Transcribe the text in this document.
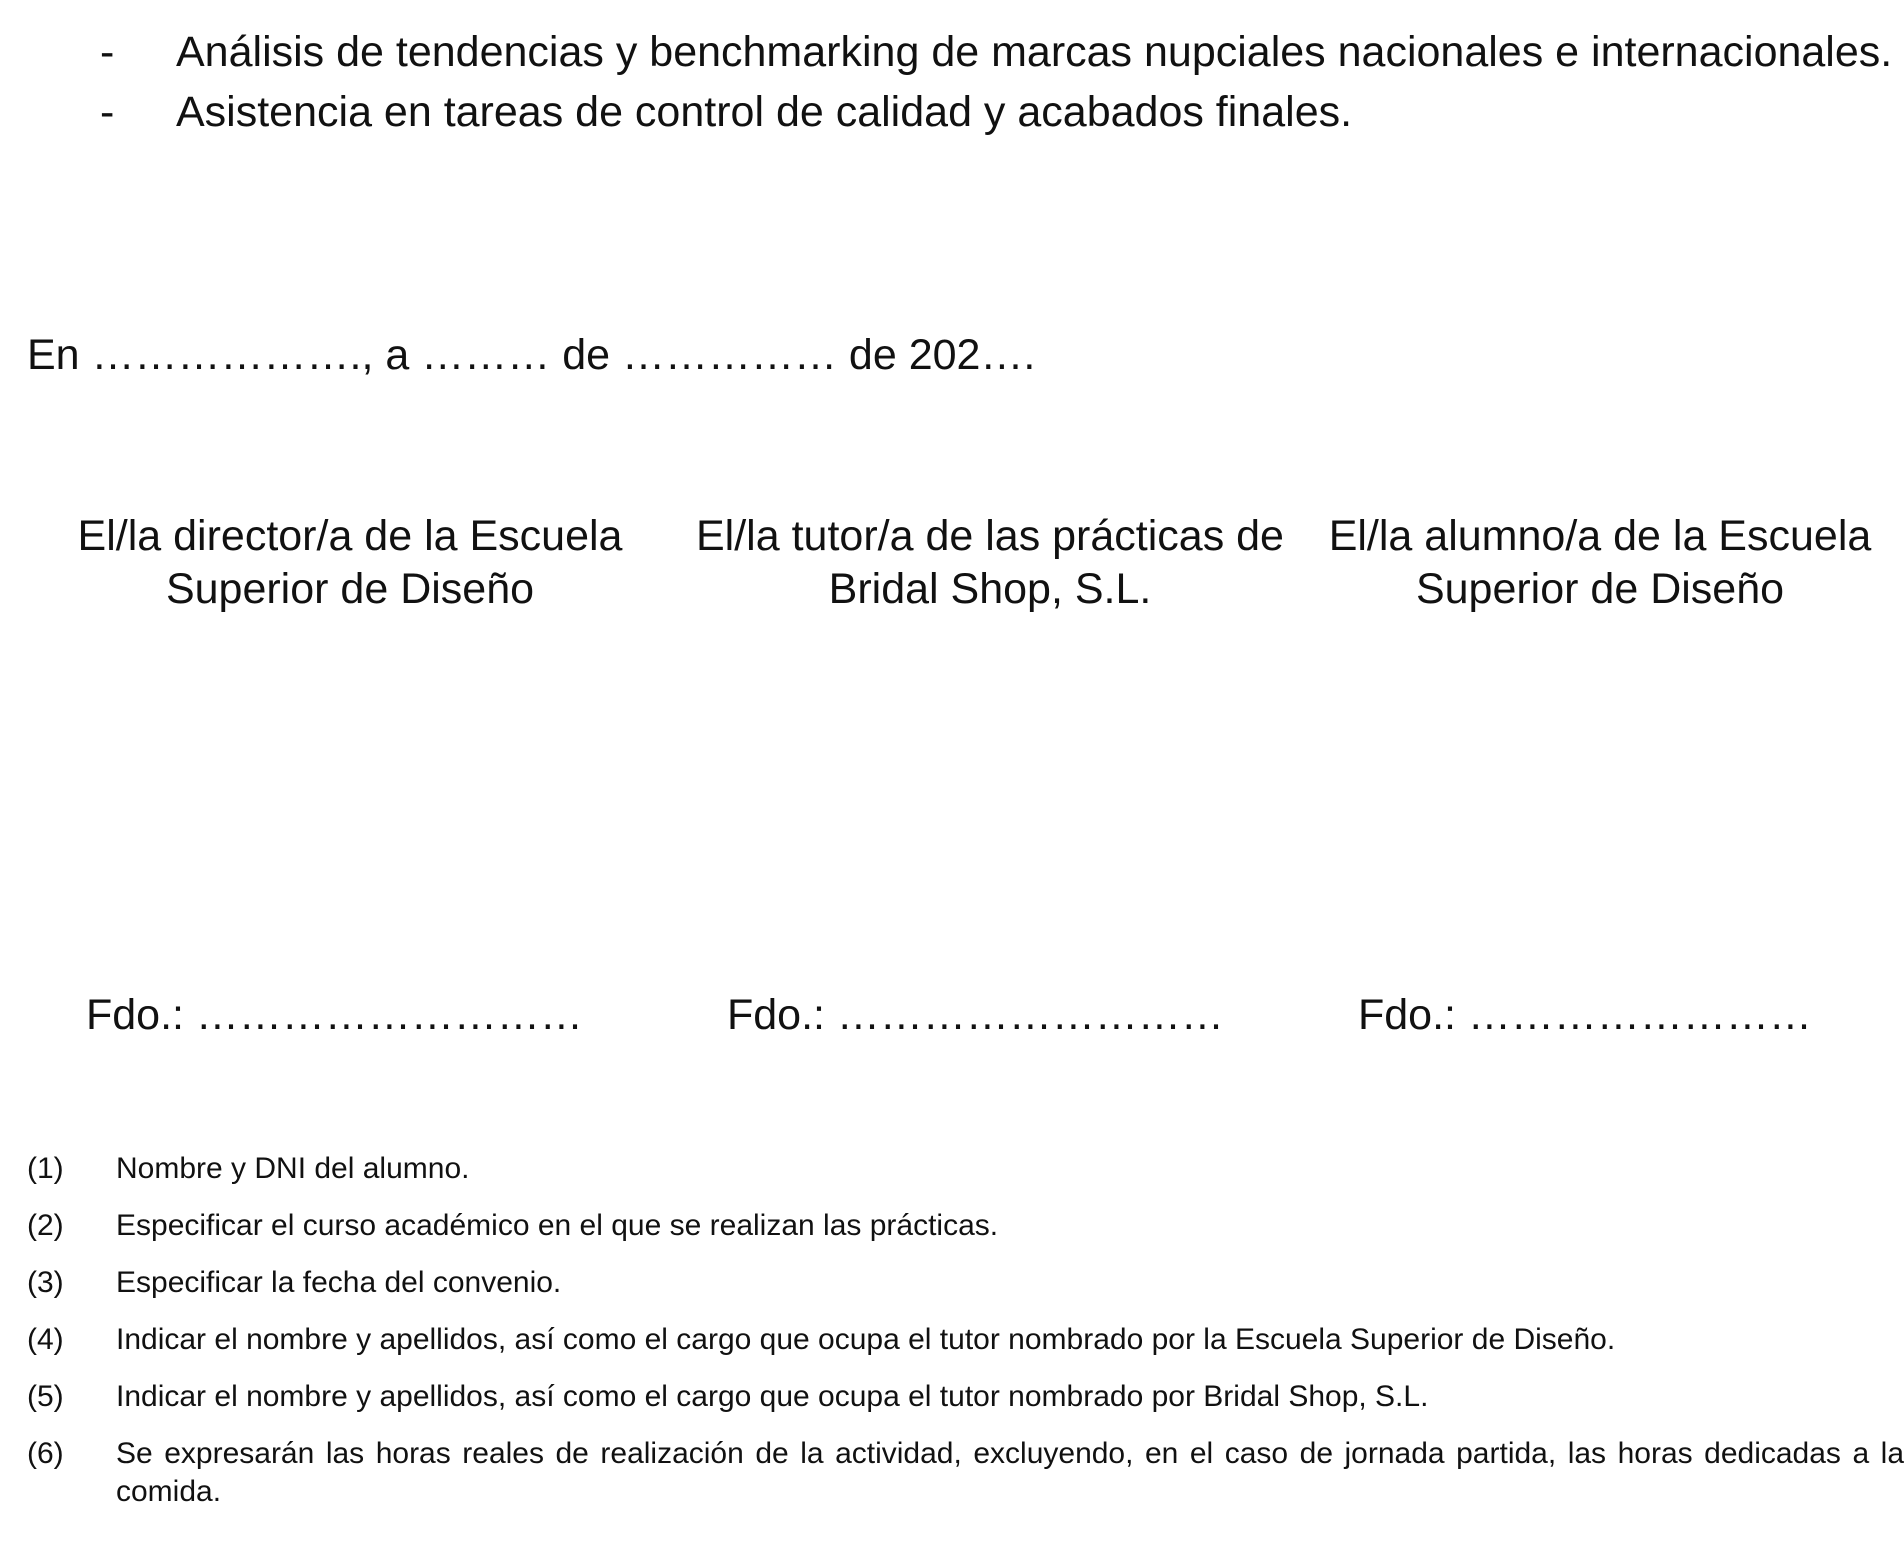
- Análisis de tendencias y benchmarking de marcas nupciales nacionales e internacionales.
- Asistencia en tareas de control de calidad y acabados finales.
En ………………., a ……… de …………… de 202….
El/la director/a de la Escuela Superior de Diseño
El/la tutor/a de las prácticas de Bridal Shop, S.L.
El/la alumno/a de la Escuela Superior de Diseño
Fdo.: ………………………	Fdo.: ………………………	Fdo.: ……………………
(1) Nombre y DNI del alumno.
(2) Especificar el curso académico en el que se realizan las prácticas.
(3) Especificar la fecha del convenio.
(4) Indicar el nombre y apellidos, así como el cargo que ocupa el tutor nombrado por la Escuela Superior de Diseño.
(5) Indicar el nombre y apellidos, así como el cargo que ocupa el tutor nombrado por Bridal Shop, S.L.
(6) Se expresarán las horas reales de realización de la actividad, excluyendo, en el caso de jornada partida, las horas dedicadas a la comida.
